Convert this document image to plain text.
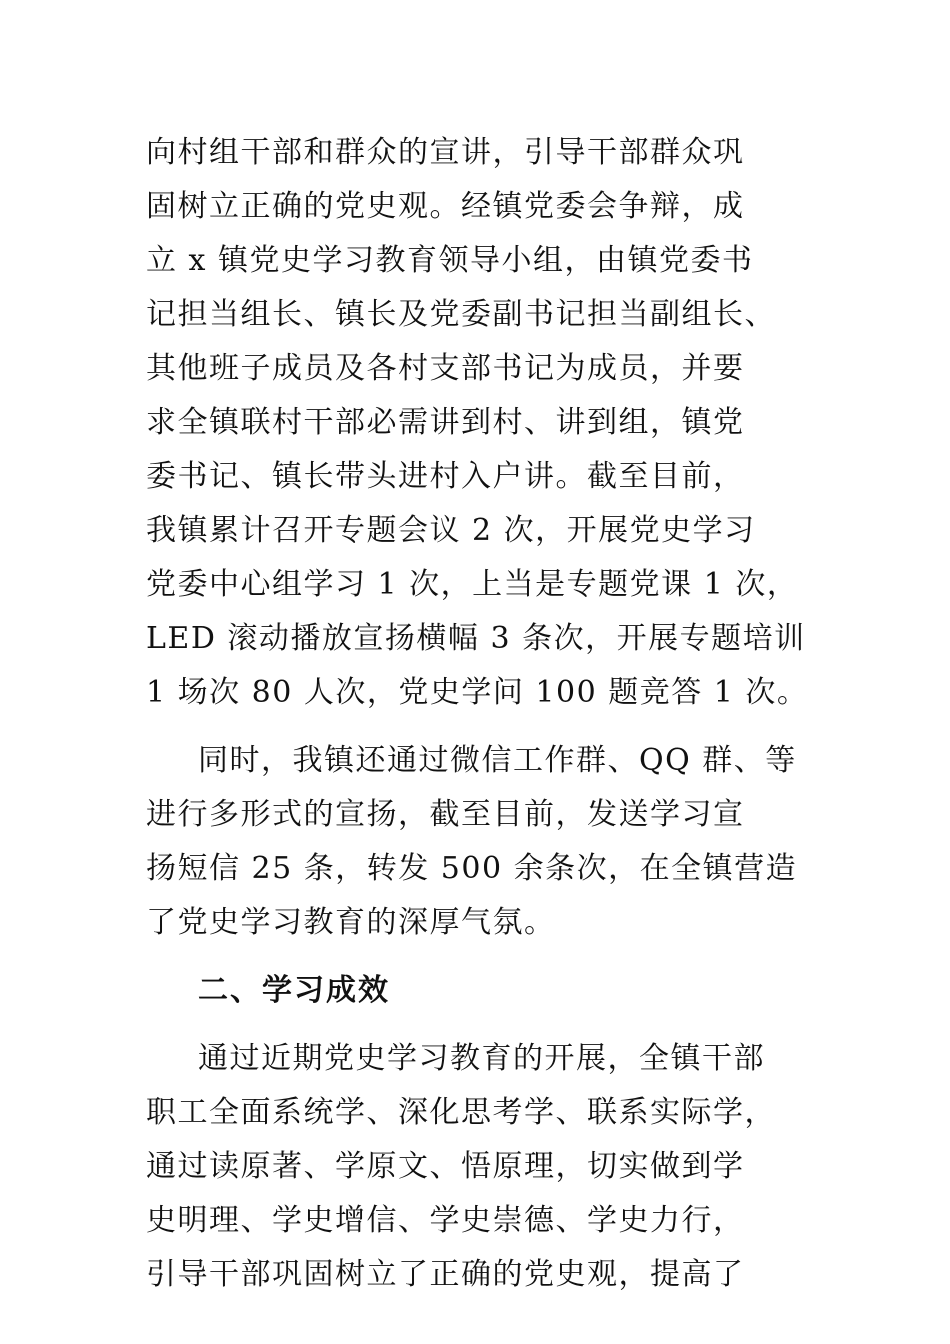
向村组干部和群众的宣讲，引导干部群众巩
固树立正确的党史观。经镇党委会争辩，成
立 x 镇党史学习教育领导小组，由镇党委书
记担当组长、镇长及党委副书记担当副组长、
其他班子成员及各村支部书记为成员，并要
求全镇联村干部必需讲到村、讲到组，镇党
委书记、镇长带头进村入户讲。截至目前，
我镇累计召开专题会议 2 次，开展党史学习
党委中心组学习 1 次，上当是专题党课 1 次，
LED 滚动播放宣扬横幅 3 条次，开展专题培训
1 场次 80 人次，党史学问 100 题竞答 1 次。
同时，我镇还通过微信工作群、QQ 群、等
进行多形式的宣扬，截至目前，发送学习宣
扬短信 25 条，转发 500 余条次，在全镇营造
了党史学习教育的深厚气氛。
二、学习成效
通过近期党史学习教育的开展，全镇干部
职工全面系统学、深化思考学、联系实际学，
通过读原著、学原文、悟原理，切实做到学
史明理、学史增信、学史崇德、学史力行，
引导干部巩固树立了正确的党史观，提高了
